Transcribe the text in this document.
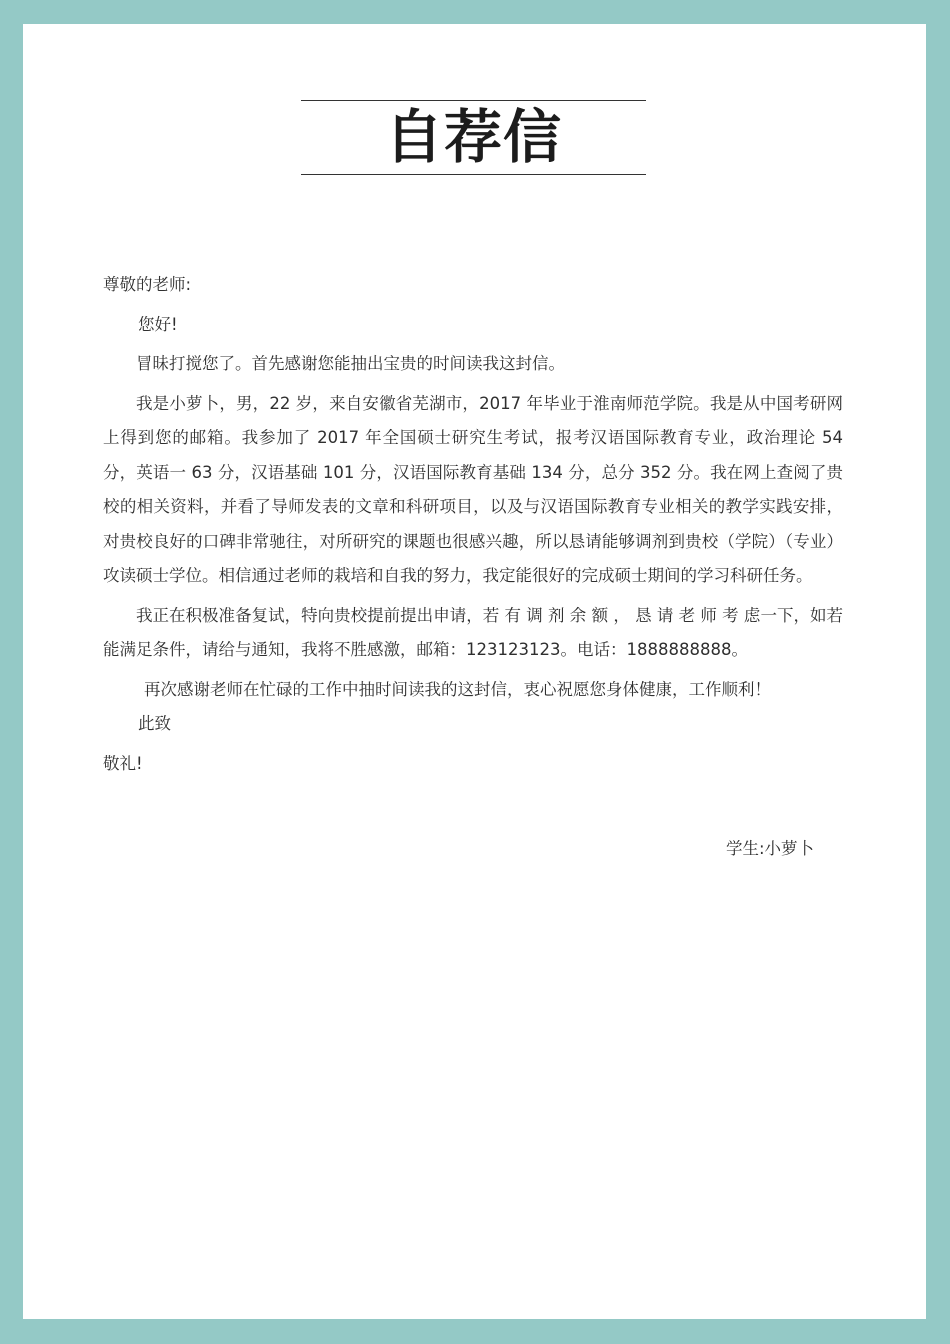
自荐信

尊敬的老师:

您好!

冒昧打搅您了。首先感谢您能抽出宝贵的时间读我这封信。

我是小萝卜，男，22 岁，来自安徽省芜湖市，2017 年毕业于淮南师范学院。我是从中国考研网上得到您的邮箱。我参加了 2017 年全国硕士研究生考试，报考汉语国际教育专业，政治理论 54 分，英语一 63 分，汉语基础 101 分，汉语国际教育基础 134 分，总分 352 分。我在网上查阅了贵校的相关资料，并看了导师发表的文章和科研项目，以及与汉语国际教育专业相关的教学实践安排，对贵校良好的口碑非常驰往，对所研究的课题也很感兴趣，所以恳请能够调剂到贵校（学院）（专业）攻读硕士学位。相信通过老师的栽培和自我的努力，我定能很好的完成硕士期间的学习科研任务。

我正在积极准备复试，特向贵校提前提出申请，若 有 调 剂 余 额 ， 恳 请 老 师 考 虑一下，如若能满足条件，请给与通知，我将不胜感激，邮箱：123123123。电话：1888888888。

再次感谢老师在忙碌的工作中抽时间读我的这封信，衷心祝愿您身体健康，工作顺利！

此致

敬礼!

学生:小萝卜
